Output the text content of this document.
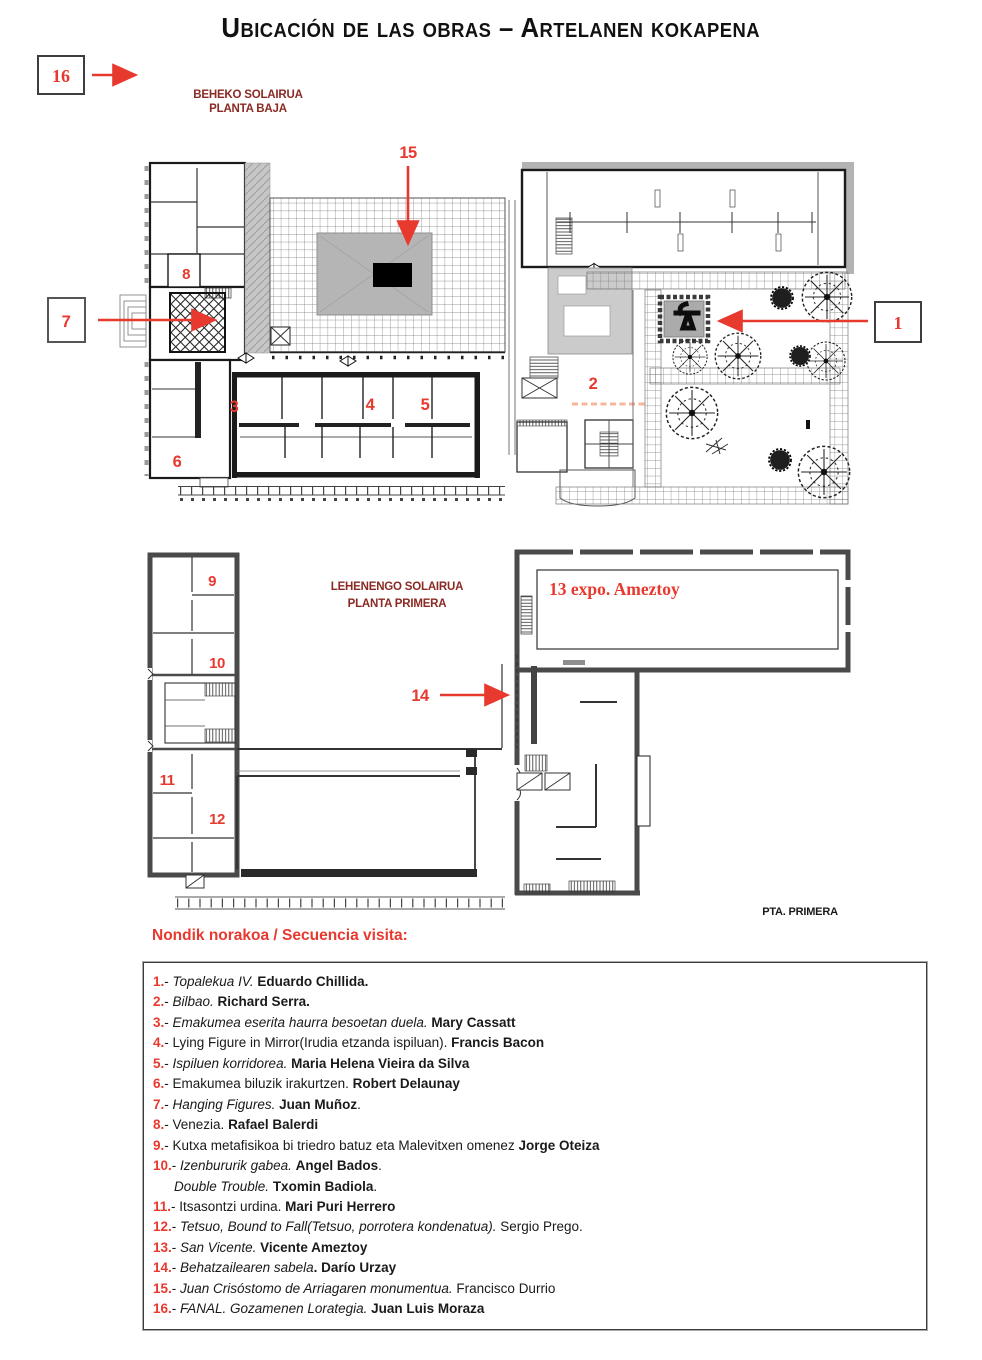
Ubicación de las obras – Artelanen kokapena
16
BEHEKO SOLAIRUA
PLANTA BAJA
8
6
7
15
3	4	5
2
1
9
10
11
12
LEHENENGO SOLAIRUA
PLANTA PRIMERA
13 expo. Ameztoy
14
PTA. PRIMERA
Nondik norakoa / Secuencia visita:
1.- Topalekua IV. Eduardo Chillida.
2.- Bilbao. Richard Serra.
3.- Emakumea eserita haurra besoetan duela. Mary Cassatt
4.- Lying Figure in Mirror(Irudia etzanda ispiluan). Francis Bacon
5.- Ispiluen korridorea. Maria Helena Vieira da Silva
6.- Emakumea biluzik irakurtzen. Robert Delaunay
7.- Hanging Figures. Juan Muñoz.
8.- Venezia. Rafael Balerdi
9.- Kutxa metafisikoa bi triedro batuz eta Malevitxen omenez Jorge Oteiza
10.- Izenbururik gabea. Angel Bados.
Double Trouble. Txomin Badiola.
11.- Itsasontzi urdina. Mari Puri Herrero
12.- Tetsuo, Bound to Fall(Tetsuo, porrotera kondenatua). Sergio Prego.
13.- San Vicente. Vicente Ameztoy
14.- Behatzailearen sabela. Darío Urzay
15.- Juan Crisóstomo de Arriagaren monumentua. Francisco Durrio
16.- FANAL. Gozamenen Lorategia. Juan Luis Moraza
